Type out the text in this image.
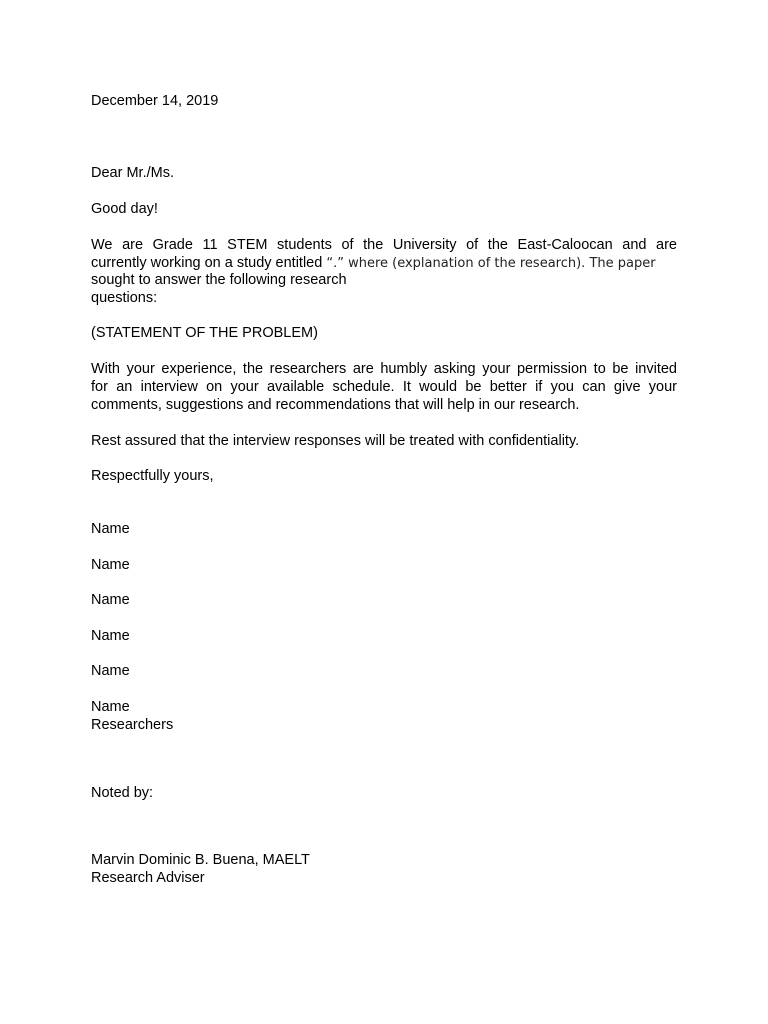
December 14, 2019
Dear Mr./Ms.
Good day!
We are Grade 11 STEM students of the University of the East-Caloocan and are
currently working on a study entitled “.” where (explanation of the research). The paper
sought to answer the following research
questions:
(STATEMENT OF THE PROBLEM)
With your experience, the researchers are humbly asking your permission to be invited
for an interview on your available schedule. It would be better if you can give your
comments, suggestions and recommendations that will help in our research.
Rest assured that the interview responses will be treated with confidentiality.
Respectfully yours,
Name
Name
Name
Name
Name
Name
Researchers
Noted by:
Marvin Dominic B. Buena, MAELT
Research Adviser
